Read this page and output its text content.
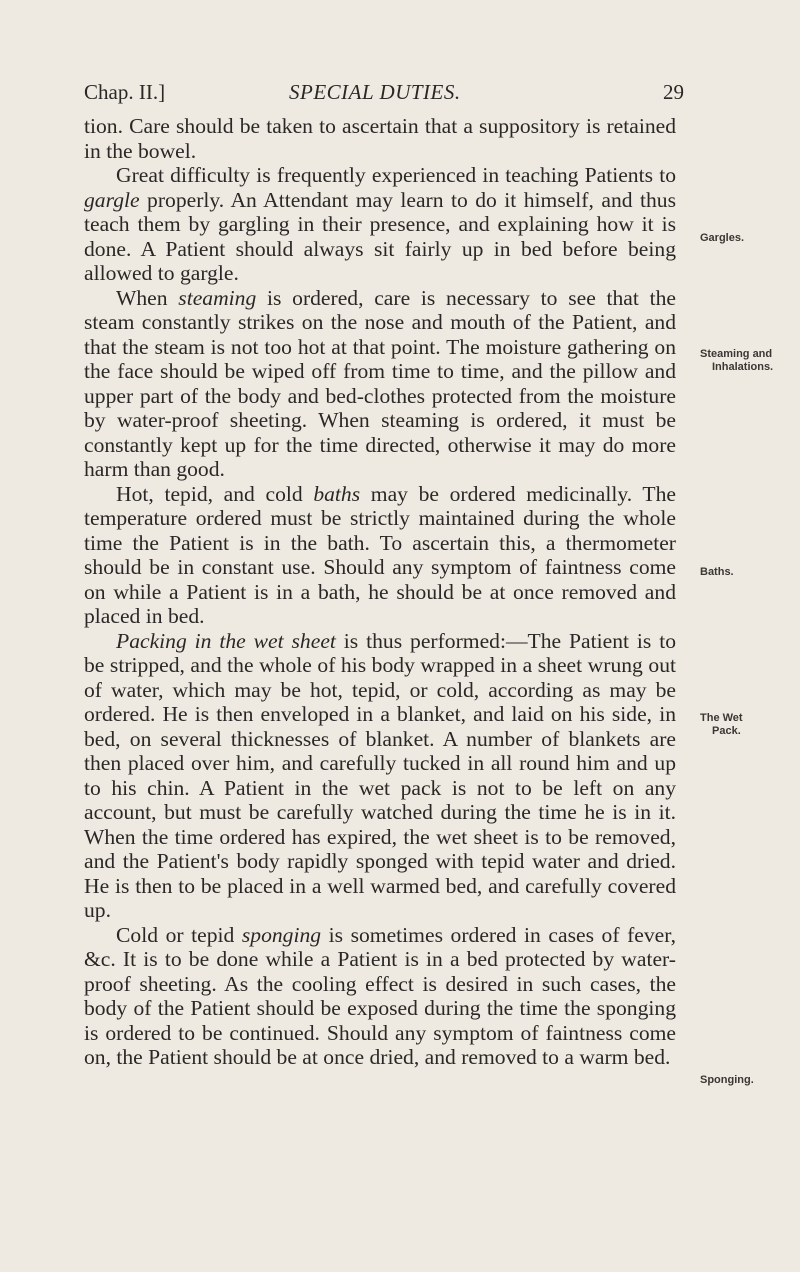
Chap. II.]	SPECIAL DUTIES.	29

tion. Care should be taken to ascertain that a suppository is retained in the bowel.

Great difficulty is frequently experienced in teaching Patients to gargle properly. An Attendant may learn to do it himself, and thus teach them by gargling in their presence, and explaining how it is done. A Patient should always sit fairly up in bed before being allowed to gargle.

When steaming is ordered, care is necessary to see that the steam constantly strikes on the nose and mouth of the Patient, and that the steam is not too hot at that point. The moisture gathering on the face should be wiped off from time to time, and the pillow and upper part of the body and bed-clothes protected from the moisture by water-proof sheeting. When steaming is ordered, it must be constantly kept up for the time directed, otherwise it may do more harm than good.

Hot, tepid, and cold baths may be ordered medicinally. The temperature ordered must be strictly maintained during the whole time the Patient is in the bath. To ascertain this, a thermometer should be in constant use. Should any symptom of faintness come on while a Patient is in a bath, he should be at once removed and placed in bed.

Packing in the wet sheet is thus performed:—The Patient is to be stripped, and the whole of his body wrapped in a sheet wrung out of water, which may be hot, tepid, or cold, according as may be ordered. He is then enveloped in a blanket, and laid on his side, in bed, on several thicknesses of blanket. A number of blankets are then placed over him, and carefully tucked in all round him and up to his chin. A Patient in the wet pack is not to be left on any account, but must be carefully watched during the time he is in it. When the time ordered has expired, the wet sheet is to be removed, and the Patient's body rapidly sponged with tepid water and dried. He is then to be placed in a well warmed bed, and carefully covered up.

Cold or tepid sponging is sometimes ordered in cases of fever, &c. It is to be done while a Patient is in a bed protected by water-proof sheeting. As the cooling effect is desired in such cases, the body of the Patient should be exposed during the time the sponging is ordered to be continued. Should any symptom of faintness come on, the Patient should be at once dried, and removed to a warm bed.

Gargles.
Steaming and
Inhalations.
Baths.
The Wet
Pack.
Sponging.
